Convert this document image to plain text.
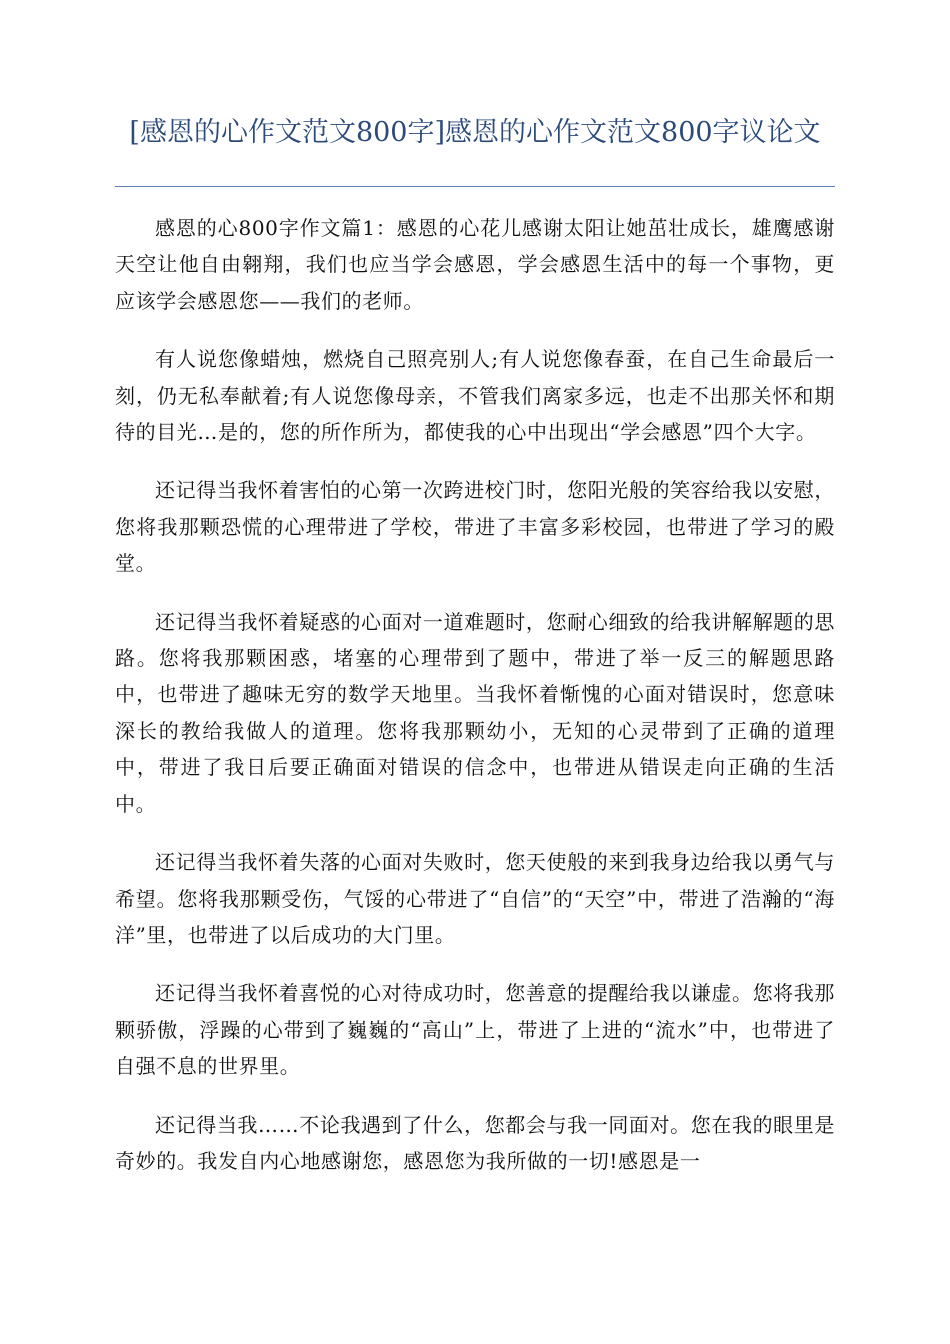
[感恩的心作文范文800字]感恩的心作文范文800字议论文

感恩的心800字作文篇1：感恩的心花儿感谢太阳让她茁壮成长，雄鹰感谢天空让他自由翱翔，我们也应当学会感恩，学会感恩生活中的每一个事物，更应该学会感恩您——我们的老师。

有人说您像蜡烛，燃烧自己照亮别人;有人说您像春蚕，在自己生命最后一刻，仍无私奉献着;有人说您像母亲，不管我们离家多远，也走不出那关怀和期待的目光…是的，您的所作所为，都使我的心中出现出“学会感恩”四个大字。

还记得当我怀着害怕的心第一次跨进校门时，您阳光般的笑容给我以安慰，您将我那颗恐慌的心理带进了学校，带进了丰富多彩校园，也带进了学习的殿堂。

还记得当我怀着疑惑的心面对一道难题时，您耐心细致的给我讲解解题的思路。您将我那颗困惑，堵塞的心理带到了题中，带进了举一反三的解题思路中，也带进了趣味无穷的数学天地里。当我怀着惭愧的心面对错误时，您意味深长的教给我做人的道理。您将我那颗幼小，无知的心灵带到了正确的道理中，带进了我日后要正确面对错误的信念中，也带进从错误走向正确的生活中。

还记得当我怀着失落的心面对失败时，您天使般的来到我身边给我以勇气与希望。您将我那颗受伤，气馁的心带进了“自信”的“天空”中，带进了浩瀚的“海洋”里，也带进了以后成功的大门里。

还记得当我怀着喜悦的心对待成功时，您善意的提醒给我以谦虚。您将我那颗骄傲，浮躁的心带到了巍巍的“高山”上，带进了上进的“流水”中，也带进了自强不息的世界里。

还记得当我……不论我遇到了什么，您都会与我一同面对。您在我的眼里是奇妙的。我发自内心地感谢您，感恩您为我所做的一切!感恩是一
